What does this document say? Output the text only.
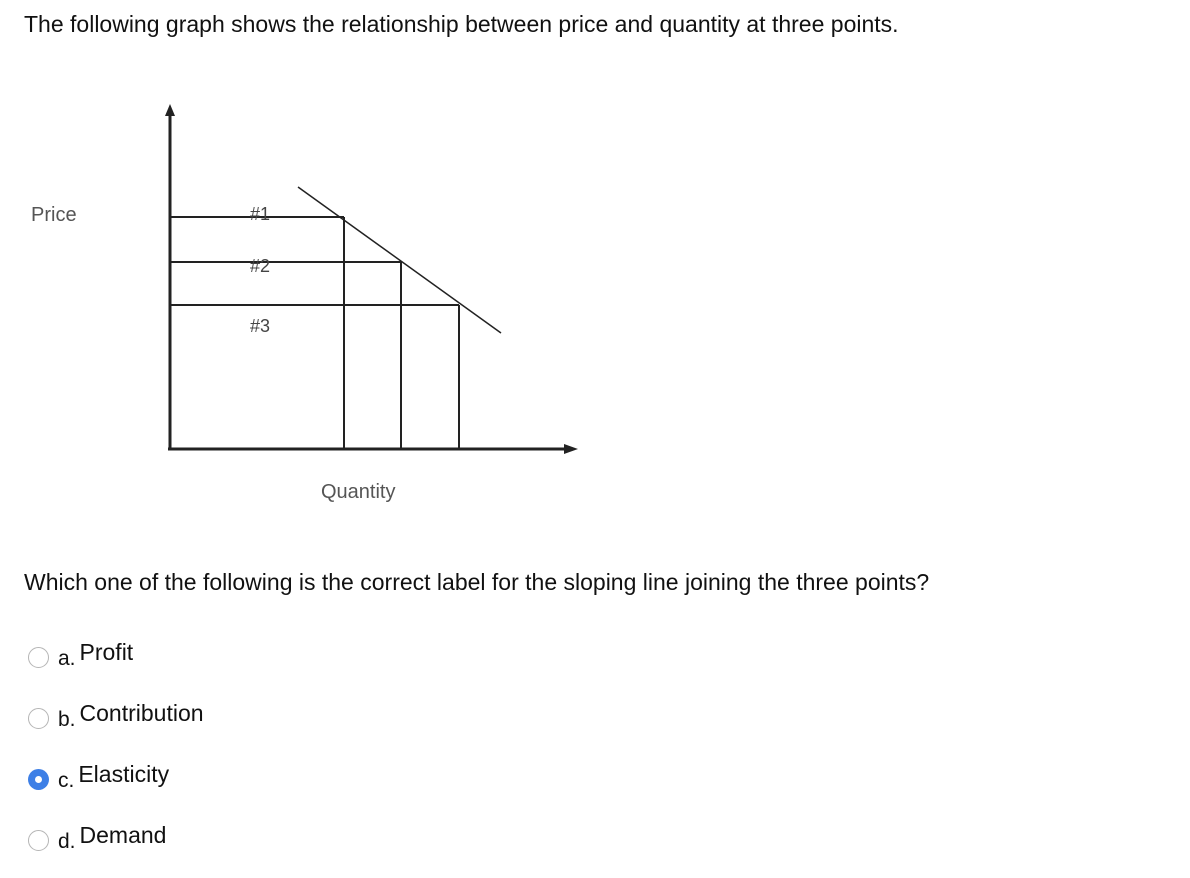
The following graph shows the relationship between price and quantity at three points.
Price
Quantity
#1
#2
#3

Which one of the following is the correct label for the sloping line joining the three points?

a. Profit
b. Contribution
c. Elasticity
d. Demand
